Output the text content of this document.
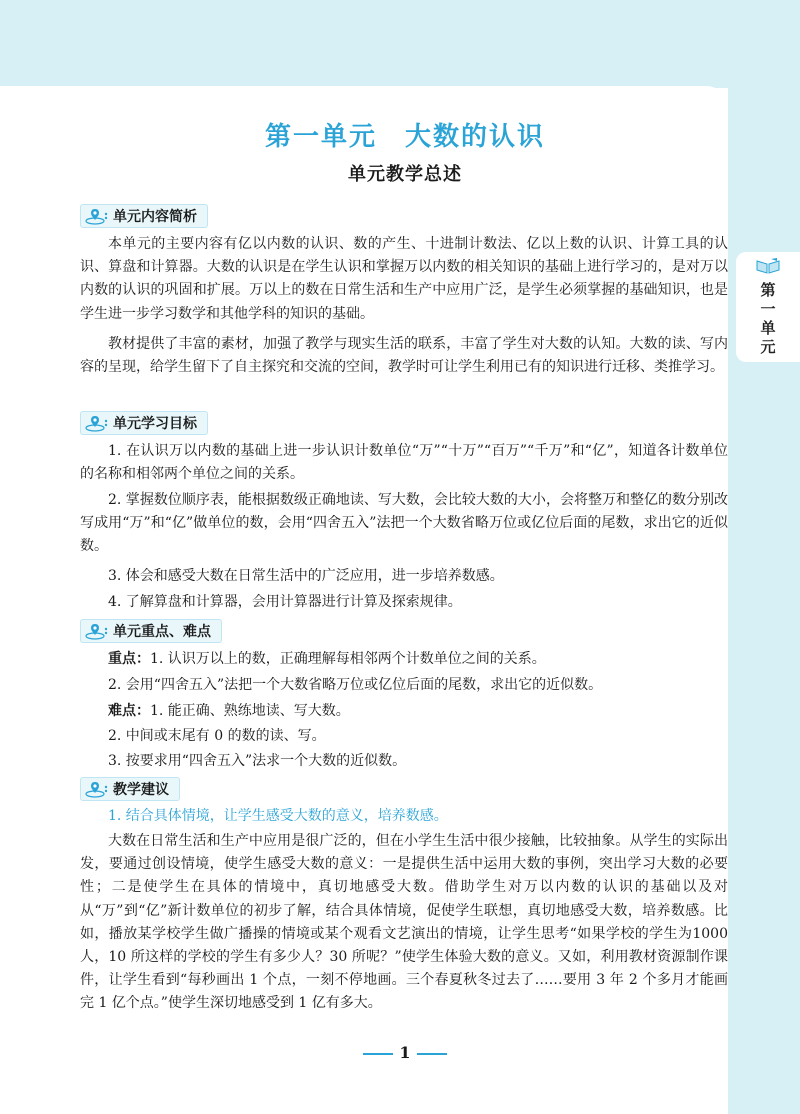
第一单元
第一单元　大数的认识
单元教学总述
单元内容简析
本单元的主要内容有亿以内数的认识、数的产生、十进制计数法、亿以上数的认识、计算工具的认识、算盘和计算器。大数的认识是在学生认识和掌握万以内数的相关知识的基础上进行学习的，是对万以内数的认识的巩固和扩展。万以上的数在日常生活和生产中应用广泛，是学生必须掌握的基础知识，也是学生进一步学习数学和其他学科的知识的基础。
教材提供了丰富的素材，加强了教学与现实生活的联系，丰富了学生对大数的认知。大数的读、写内容的呈现，给学生留下了自主探究和交流的空间，教学时可让学生利用已有的知识进行迁移、类推学习。
单元学习目标
1. 在认识万以内数的基础上进一步认识计数单位“万”“十万”“百万”“千万”和“亿”，知道各计数单位的名称和相邻两个单位之间的关系。
2. 掌握数位顺序表，能根据数级正确地读、写大数，会比较大数的大小，会将整万和整亿的数分别改写成用“万”和“亿”做单位的数，会用“四舍五入”法把一个大数省略万位或亿位后面的尾数，求出它的近似数。
3. 体会和感受大数在日常生活中的广泛应用，进一步培养数感。
4. 了解算盘和计算器，会用计算器进行计算及探索规律。
单元重点、难点
重点：1. 认识万以上的数，正确理解每相邻两个计数单位之间的关系。
2. 会用“四舍五入”法把一个大数省略万位或亿位后面的尾数，求出它的近似数。
难点：1. 能正确、熟练地读、写大数。
2. 中间或末尾有 0 的数的读、写。
3. 按要求用“四舍五入”法求一个大数的近似数。
教学建议
1. 结合具体情境，让学生感受大数的意义，培养数感。
大数在日常生活和生产中应用是很广泛的，但在小学生生活中很少接触，比较抽象。从学生的实际出发，要通过创设情境，使学生感受大数的意义：一是提供生活中运用大数的事例，突出学习大数的必要性；二是使学生在具体的情境中，真切地感受大数。借助学生对万以内数的认识的基础以及对从“万”到“亿”新计数单位的初步了解，结合具体情境，促使学生联想，真切地感受大数，培养数感。比如，播放某学校学生做广播操的情境或某个观看文艺演出的情境，让学生思考“如果学校的学生为1000 人，10 所这样的学校的学生有多少人？30 所呢？”使学生体验大数的意义。又如，利用教材资源制作课件，让学生看到“每秒画出 1 个点，一刻不停地画。三个春夏秋冬过去了……要用 3 年 2 个多月才能画完 1 亿个点。”使学生深切地感受到 1 亿有多大。
1
